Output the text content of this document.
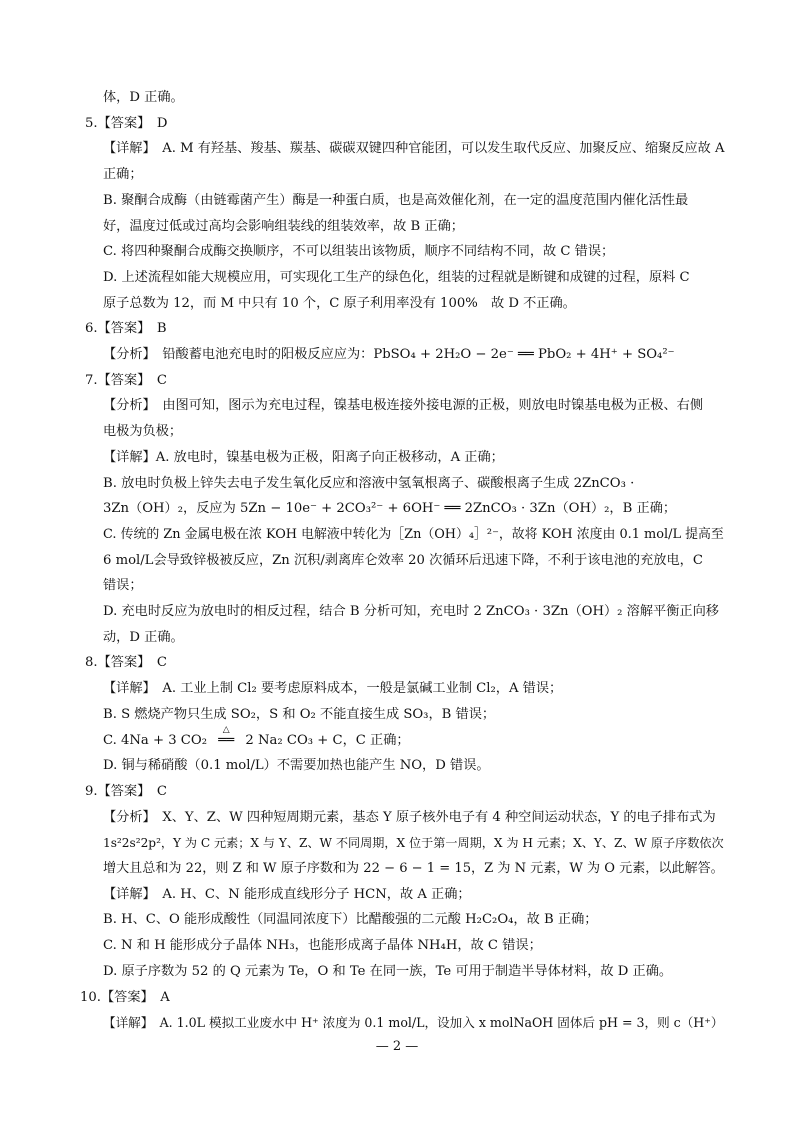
体，D 正确。
5.【答案】　D
【详解】　A. M 有羟基、羧基、羰基、碳碳双键四种官能团，可以发生取代反应、加聚反应、缩聚反应故 A
正确；
B. 聚酮合成酶（由链霉菌产生）酶是一种蛋白质，也是高效催化剂，在一定的温度范围内催化活性最
好，温度过低或过高均会影响组装线的组装效率，故 B 正确；
C. 将四种聚酮合成酶交换顺序，不可以组装出该物质，顺序不同结构不同，故 C 错误；
D. 上述流程如能大规模应用，可实现化工生产的绿色化，组装的过程就是断键和成键的过程，原料 C
原子总数为 12，而 M 中只有 10 个，C 原子利用率没有 100%　故 D 不正确。
6.【答案】　B
【分析】　铅酸蓄电池充电时的阳极反应应为：PbSO₄ + 2H₂O − 2e⁻ ══ PbO₂ + 4H⁺ + SO₄²⁻
7.【答案】　C
【分析】　由图可知，图示为充电过程，镍基电极连接外接电源的正极，则放电时镍基电极为正极、右侧
电极为负极；
【详解】A. 放电时，镍基电极为正极，阳离子向正极移动，A 正确；
B. 放电时负极上锌失去电子发生氧化反应和溶液中氢氧根离子、碳酸根离子生成 2ZnCO₃ ·
3Zn（OH）₂，反应为 5Zn − 10e⁻ + 2CO₃²⁻ + 6OH⁻ ══ 2ZnCO₃ · 3Zn（OH）₂，B 正确；
C. 传统的 Zn 金属电极在浓 KOH 电解液中转化为［Zn（OH）₄］²⁻，故将 KOH 浓度由 0.1 mol/L 提高至
6 mol/L会导致锌极被反应，Zn 沉积/剥离库仑效率 20 次循环后迅速下降，不利于该电池的充放电，C
错误；
D. 充电时反应为放电时的相反过程，结合 B 分析可知，充电时 2 ZnCO₃ · 3Zn（OH）₂ 溶解平衡正向移
动，D 正确。
8.【答案】　C
【详解】　A. 工业上制 Cl₂ 要考虑原料成本，一般是氯碱工业制 Cl₂，A 错误；
B. S 燃烧产物只生成 SO₂，S 和 O₂ 不能直接生成 SO₃，B 错误；
C. 4Na + 3 CO₂
△
══ 2 Na₂ CO₃ + C，C 正确；
D. 铜与稀硝酸（0.1 mol/L）不需要加热也能产生 NO，D 错误。
9.【答案】　C
【分析】　X、Y、Z、W 四种短周期元素，基态 Y 原子核外电子有 4 种空间运动状态，Y 的电子排布式为
1s²2s²2p²，Y 为 C 元素；X 与 Y、Z、W 不同周期，X 位于第一周期，X 为 H 元素；X、Y、Z、W 原子序数依次
增大且总和为 22，则 Z 和 W 原子序数和为 22 − 6 − 1 = 15，Z 为 N 元素，W 为 O 元素，以此解答。
【详解】　A. H、C、N 能形成直线形分子 HCN，故 A 正确；
B. H、C、O 能形成酸性（同温同浓度下）比醋酸强的二元酸 H₂C₂O₄，故 B 正确；
C. N 和 H 能形成分子晶体 NH₃，也能形成离子晶体 NH₄H，故 C 错误；
D. 原子序数为 52 的 Q 元素为 Te，O 和 Te 在同一族，Te 可用于制造半导体材料，故 D 正确。
10.【答案】　A
【详解】　A. 1.0L 模拟工业废水中 H⁺ 浓度为 0.1 mol/L，设加入 x molNaOH 固体后 pH = 3，则 c（H⁺）
— 2 —
